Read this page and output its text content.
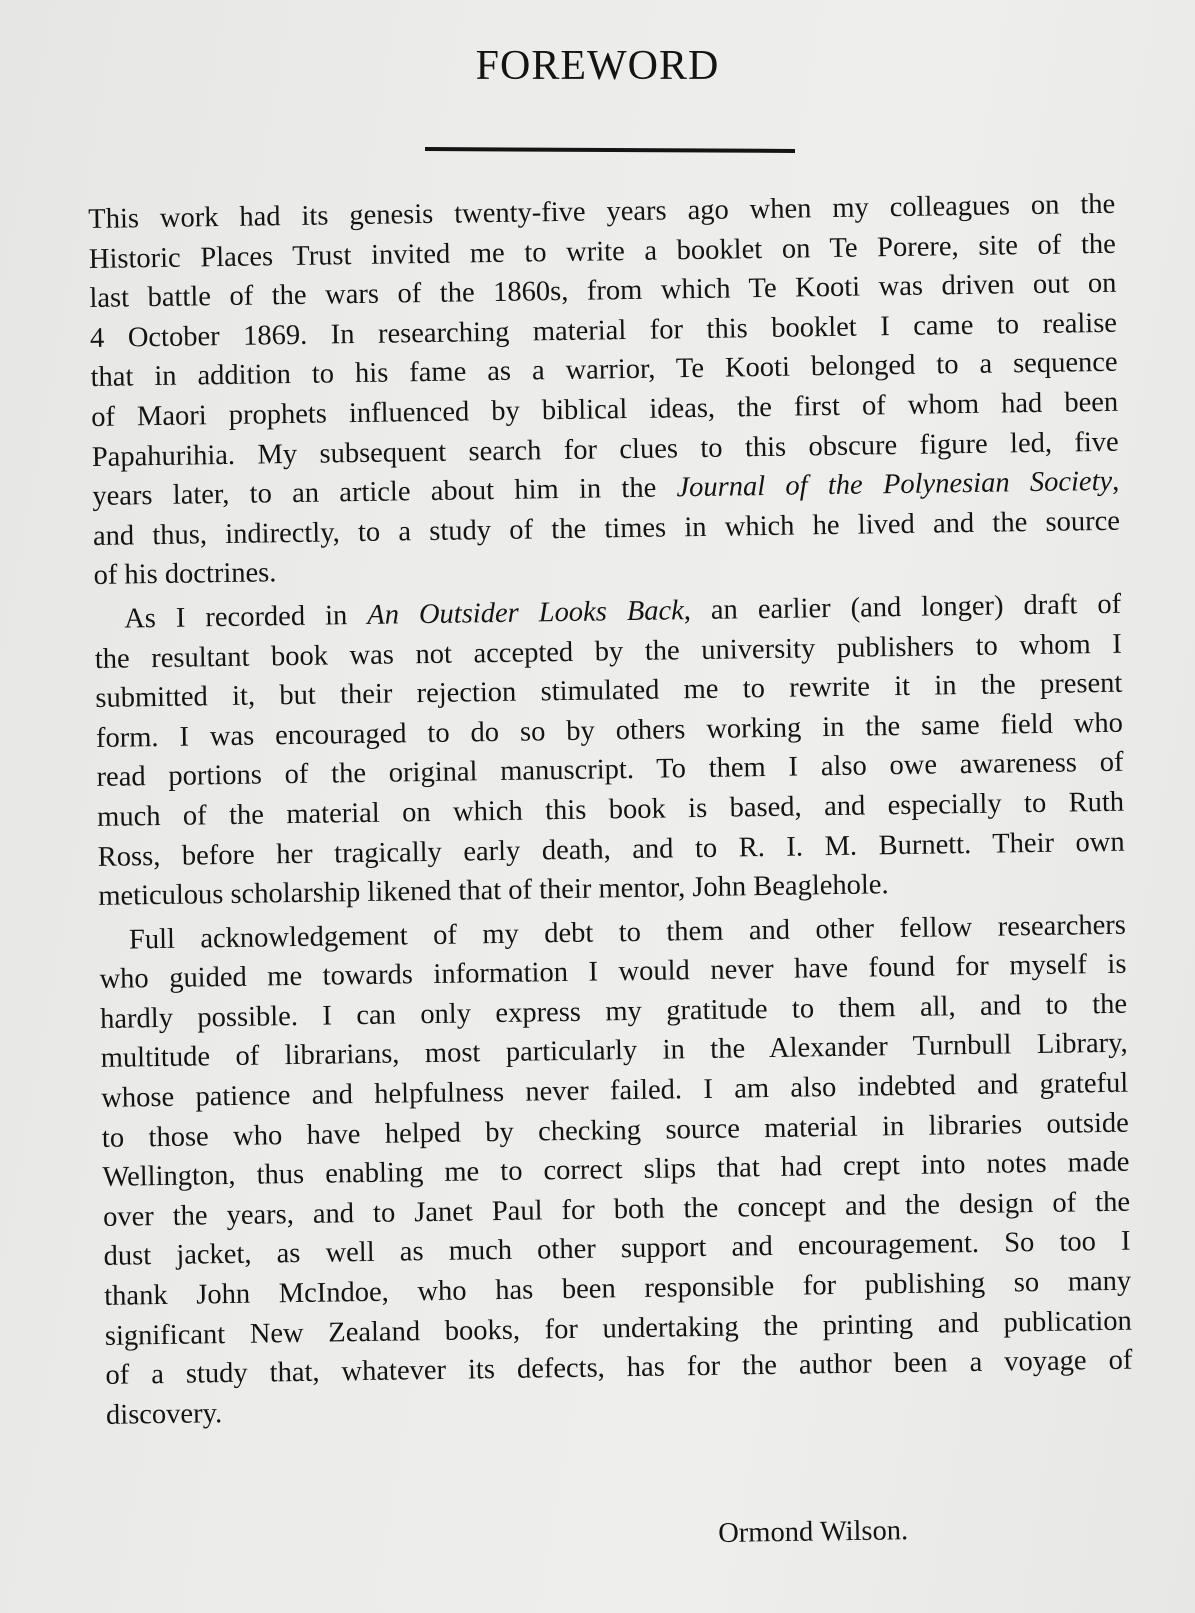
FOREWORD

This work had its genesis twenty-five years ago when my colleagues on the
Historic Places Trust invited me to write a booklet on Te Porere, site of the
last battle of the wars of the 1860s, from which Te Kooti was driven out on
4 October 1869. In researching material for this booklet I came to realise
that in addition to his fame as a warrior, Te Kooti belonged to a sequence
of Maori prophets influenced by biblical ideas, the first of whom had been
Papahurihia. My subsequent search for clues to this obscure figure led, five
years later, to an article about him in the Journal of the Polynesian Society,
and thus, indirectly, to a study of the times in which he lived and the source
of his doctrines.

As I recorded in An Outsider Looks Back, an earlier (and longer) draft of
the resultant book was not accepted by the university publishers to whom I
submitted it, but their rejection stimulated me to rewrite it in the present
form. I was encouraged to do so by others working in the same field who
read portions of the original manuscript. To them I also owe awareness of
much of the material on which this book is based, and especially to Ruth
Ross, before her tragically early death, and to R. I. M. Burnett. Their own
meticulous scholarship likened that of their mentor, John Beaglehole.

Full acknowledgement of my debt to them and other fellow researchers
who guided me towards information I would never have found for myself is
hardly possible. I can only express my gratitude to them all, and to the
multitude of librarians, most particularly in the Alexander Turnbull Library,
whose patience and helpfulness never failed. I am also indebted and grateful
to those who have helped by checking source material in libraries outside
Wellington, thus enabling me to correct slips that had crept into notes made
over the years, and to Janet Paul for both the concept and the design of the
dust jacket, as well as much other support and encouragement. So too I
thank John McIndoe, who has been responsible for publishing so many
significant New Zealand books, for undertaking the printing and publication
of a study that, whatever its defects, has for the author been a voyage of
discovery.

Ormond Wilson.
